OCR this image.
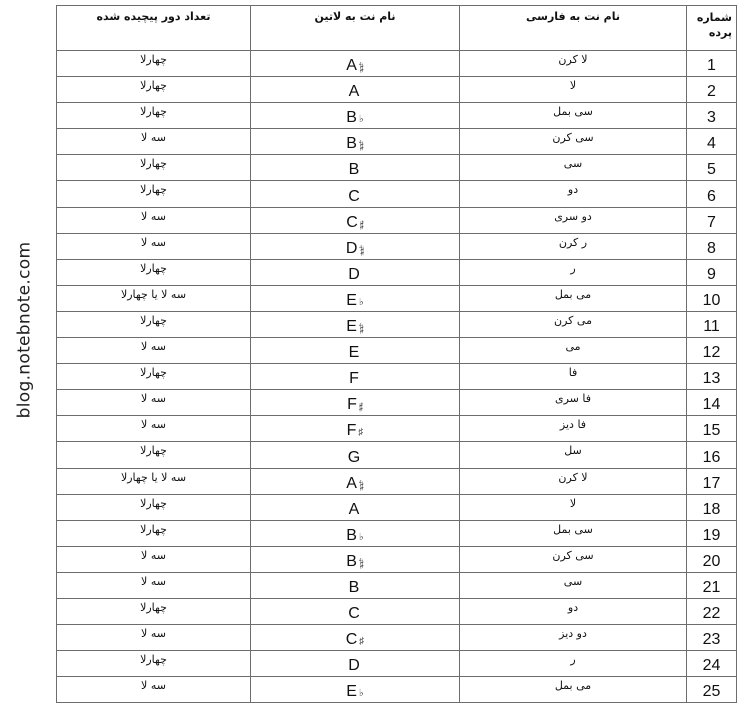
blog.notebnote.com
تعداد دور پیچیده شده	نام نت به لاتین	نام نت به فارسی	شماره پرده
چهارلا	A 𝄲	لا کرن	1
چهارلا	A	لا	2
چهارلا	B ♭	سی بمل	3
سه لا	B 𝄲	سی کرن	4
چهارلا	B	سی	5
چهارلا	C	دو	6
سه لا	C 𝄰	دو سری	7
سه لا	D 𝄲	ر کرن	8
چهارلا	D	ر	9
سه لا یا چهارلا	E ♭	می بمل	10
چهارلا	E 𝄲	می کرن	11
سه لا	E	می	12
چهارلا	F	فا	13
سه لا	F 𝄰	فا سری	14
سه لا	F ♯	فا دیز	15
چهارلا	G	سل	16
سه لا یا چهارلا	A 𝄲	لا کرن	17
چهارلا	A	لا	18
چهارلا	B ♭	سی بمل	19
سه لا	B 𝄲	سی کرن	20
سه لا	B	سی	21
چهارلا	C	دو	22
سه لا	C ♯	دو دیز	23
چهارلا	D	ر	24
سه لا	E ♭	می بمل	25
